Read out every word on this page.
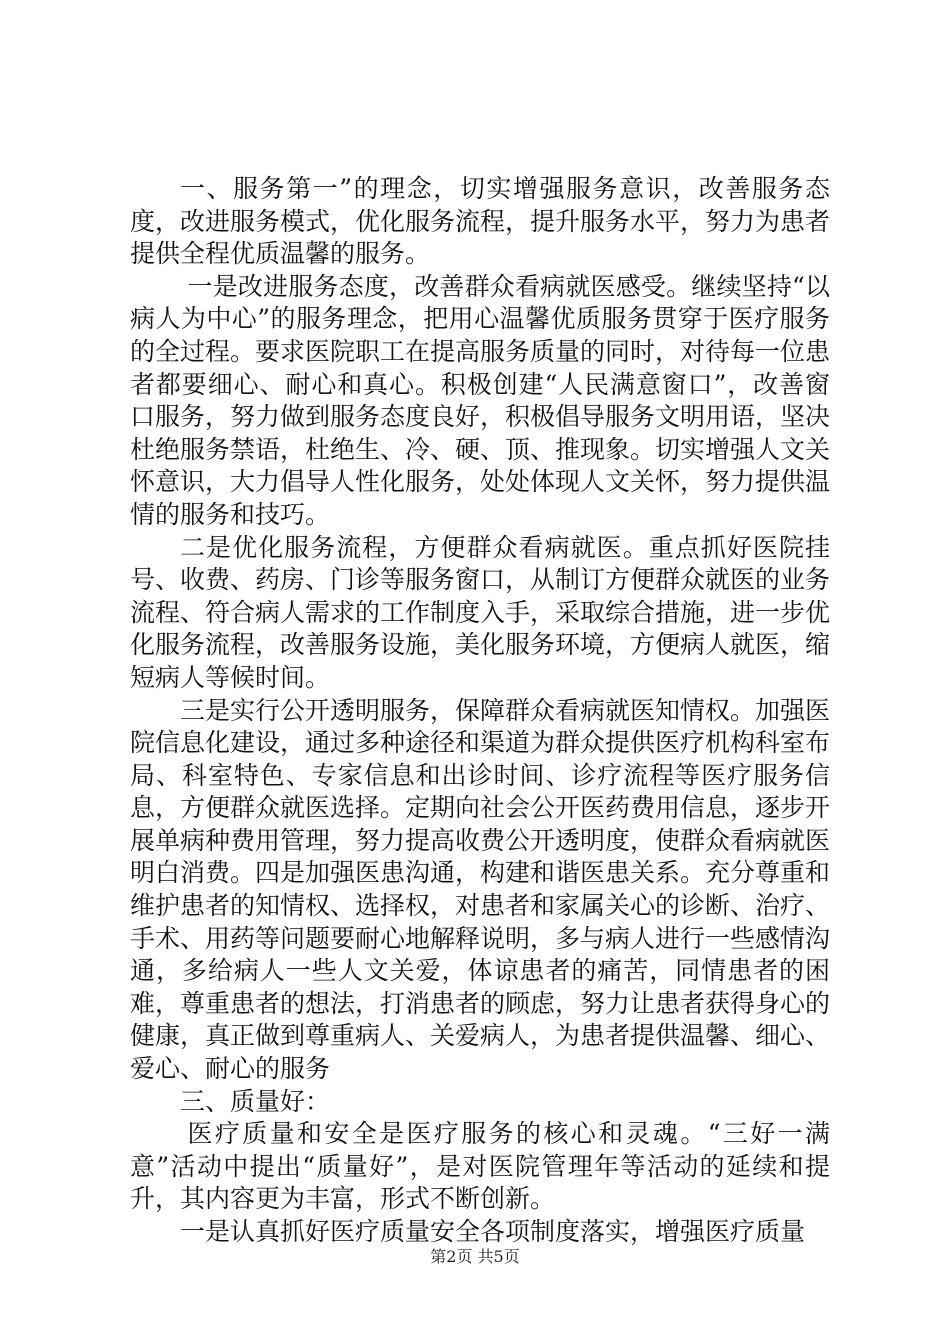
一、服务第一”的理念，切实增强服务意识，改善服务态度，改进服务模式，优化服务流程，提升服务水平，努力为患者提供全程优质温馨的服务。

一是改进服务态度，改善群众看病就医感受。继续坚持“以病人为中心”的服务理念，把用心温馨优质服务贯穿于医疗服务的全过程。要求医院职工在提高服务质量的同时，对待每一位患者都要细心、耐心和真心。积极创建“人民满意窗口”，改善窗口服务，努力做到服务态度良好，积极倡导服务文明用语，坚决杜绝服务禁语，杜绝生、冷、硬、顶、推现象。切实增强人文关怀意识，大力倡导人性化服务，处处体现人文关怀，努力提供温情的服务和技巧。

二是优化服务流程，方便群众看病就医。重点抓好医院挂号、收费、药房、门诊等服务窗口，从制订方便群众就医的业务流程、符合病人需求的工作制度入手，采取综合措施，进一步优化服务流程，改善服务设施，美化服务环境，方便病人就医，缩短病人等候时间。

三是实行公开透明服务，保障群众看病就医知情权。加强医院信息化建设，通过多种途径和渠道为群众提供医疗机构科室布局、科室特色、专家信息和出诊时间、诊疗流程等医疗服务信息，方便群众就医选择。定期向社会公开医药费用信息，逐步开展单病种费用管理，努力提高收费公开透明度，使群众看病就医明白消费。四是加强医患沟通，构建和谐医患关系。充分尊重和维护患者的知情权、选择权，对患者和家属关心的诊断、治疗、手术、用药等问题要耐心地解释说明，多与病人进行一些感情沟通，多给病人一些人文关爱，体谅患者的痛苦，同情患者的困难，尊重患者的想法，打消患者的顾虑，努力让患者获得身心的健康，真正做到尊重病人、关爱病人，为患者提供温馨、细心、爱心、耐心的服务

三、质量好：

医疗质量和安全是医疗服务的核心和灵魂。“三好一满意”活动中提出“质量好”，是对医院管理年等活动的延续和提升，其内容更为丰富，形式不断创新。

一是认真抓好医疗质量安全各项制度落实，增强医疗质量

第2页 共5页
